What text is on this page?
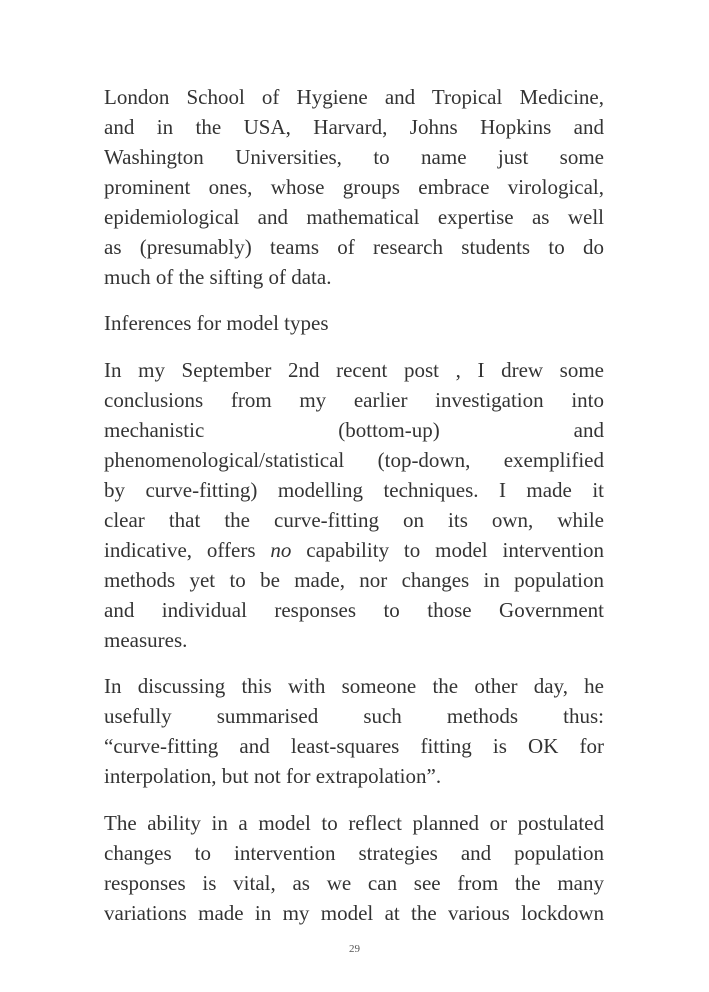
London School of Hygiene and Tropical Medicine,
and in the USA, Harvard, Johns Hopkins and
Washington Universities, to name just some
prominent ones, whose groups embrace virological,
epidemiological and mathematical expertise as well
as (presumably) teams of research students to do
much of the sifting of data.
Inferences for model types
In my September 2nd recent post , I drew some
conclusions from my earlier investigation into
mechanistic (bottom-up) and
phenomenological/statistical (top-down, exemplified
by curve-fitting) modelling techniques. I made it
clear that the curve-fitting on its own, while
indicative, offers no capability to model intervention
methods yet to be made, nor changes in population
and individual responses to those Government
measures.
In discussing this with someone the other day, he
usefully summarised such methods thus:
“curve-fitting and least-squares fitting is OK for
interpolation, but not for extrapolation”.
The ability in a model to reflect planned or postulated
changes to intervention strategies and population
responses is vital, as we can see from the many
variations made in my model at the various lockdown
29
